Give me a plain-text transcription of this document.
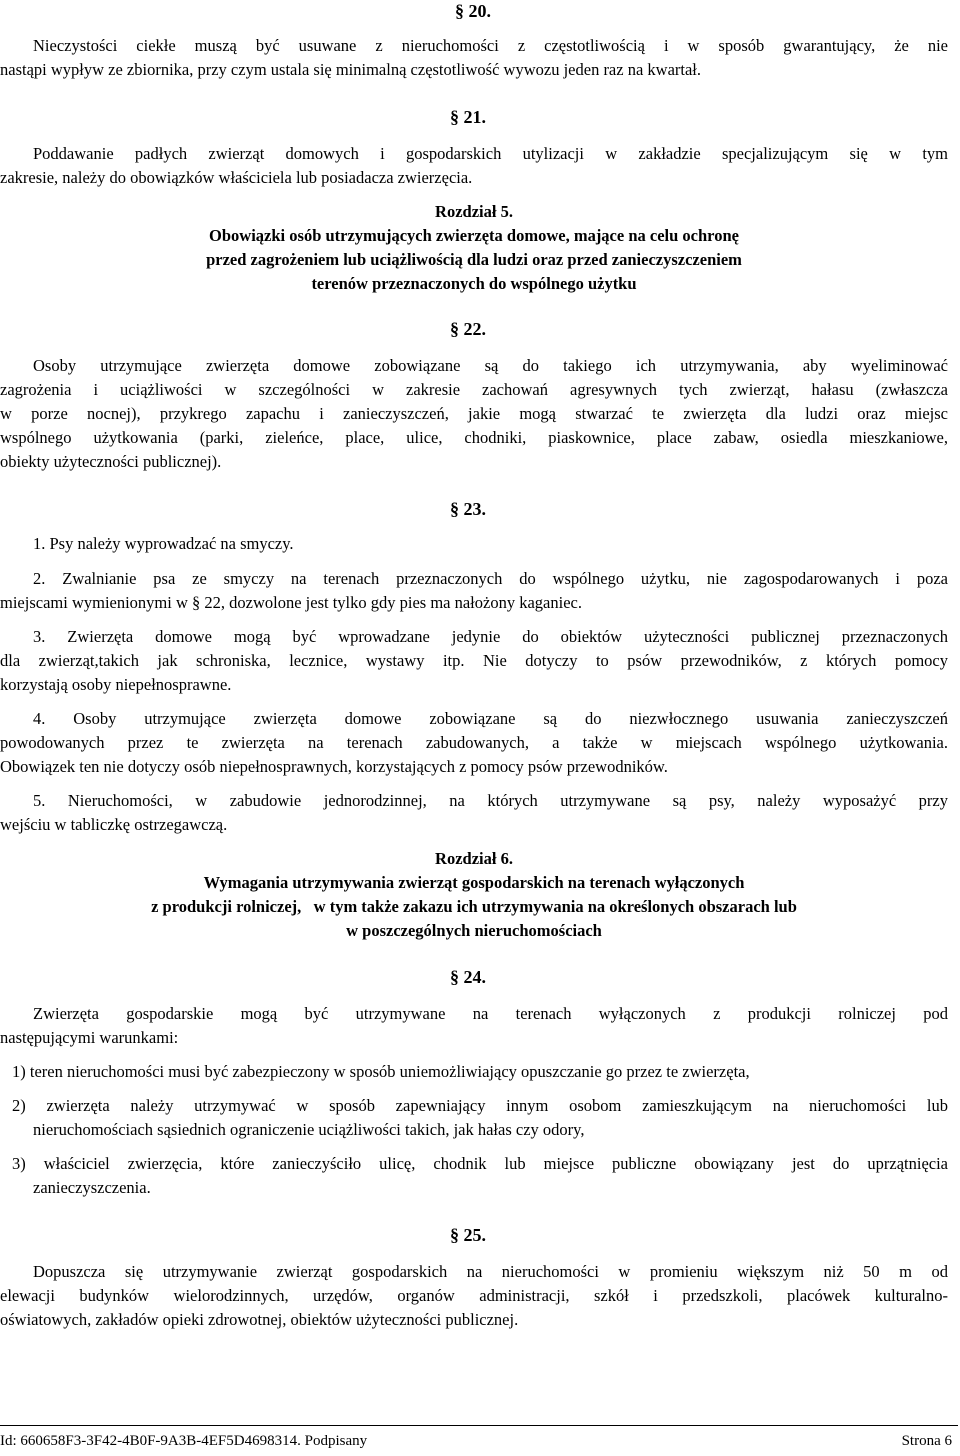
§ 20.
Nieczystości ciekłe muszą być usuwane z nieruchomości z częstotliwością i w sposób gwarantujący, że nie
nastąpi wypływ ze zbiornika, przy czym ustala się minimalną częstotliwość wywozu jeden raz na kwartał.
§ 21.
Poddawanie padłych zwierząt domowych i gospodarskich utylizacji w zakładzie specjalizującym się w tym
zakresie, należy do obowiązków właściciela lub posiadacza zwierzęcia.
Rozdział 5.
Obowiązki osób utrzymujących zwierzęta domowe, mające na celu ochronę
przed zagrożeniem lub uciążliwością dla ludzi oraz przed zanieczyszczeniem
terenów przeznaczonych do wspólnego użytku
§ 22.
Osoby utrzymujące zwierzęta domowe zobowiązane są do takiego ich utrzymywania, aby wyeliminować
zagrożenia i uciążliwości w szczególności w zakresie zachowań agresywnych tych zwierząt, hałasu (zwłaszcza
w porze nocnej), przykrego zapachu i zanieczyszczeń, jakie mogą stwarzać te zwierzęta dla ludzi oraz miejsc
wspólnego użytkowania (parki, zieleńce, place, ulice, chodniki, piaskownice, place zabaw, osiedla mieszkaniowe,
obiekty użyteczności publicznej).
§ 23.
1. Psy należy wyprowadzać na smyczy.
2. Zwalnianie psa ze smyczy na terenach przeznaczonych do wspólnego użytku, nie zagospodarowanych i poza
miejscami wymienionymi w § 22, dozwolone jest tylko gdy pies ma nałożony kaganiec.
3. Zwierzęta domowe mogą być wprowadzane jedynie do obiektów użyteczności publicznej przeznaczonych
dla zwierząt,takich jak schroniska, lecznice, wystawy itp. Nie dotyczy to psów przewodników, z których pomocy
korzystają osoby niepełnosprawne.
4. Osoby utrzymujące zwierzęta domowe zobowiązane są do niezwłocznego usuwania zanieczyszczeń
powodowanych przez te zwierzęta na terenach zabudowanych, a także w miejscach wspólnego użytkowania.
Obowiązek ten nie dotyczy osób niepełnosprawnych, korzystających z pomocy psów przewodników.
5. Nieruchomości, w zabudowie jednorodzinnej, na których utrzymywane są psy, należy wyposażyć przy
wejściu w tabliczkę ostrzegawczą.
Rozdział 6.
Wymagania utrzymywania zwierząt gospodarskich na terenach wyłączonych
z produkcji rolniczej,   w tym także zakazu ich utrzymywania na określonych obszarach lub
w poszczególnych nieruchomościach
§ 24.
Zwierzęta gospodarskie mogą być utrzymywane na terenach wyłączonych z produkcji rolniczej pod
następującymi warunkami:
1) teren nieruchomości musi być zabezpieczony w sposób uniemożliwiający opuszczanie go przez te zwierzęta,
2) zwierzęta należy utrzymywać w sposób zapewniający innym osobom zamieszkującym na nieruchomości lub
nieruchomościach sąsiednich ograniczenie uciążliwości takich, jak hałas czy odory,
3) właściciel zwierzęcia, które zanieczyściło ulicę, chodnik lub miejsce publiczne obowiązany jest do uprzątnięcia
zanieczyszczenia.
§ 25.
Dopuszcza się utrzymywanie zwierząt gospodarskich na nieruchomości w promieniu większym niż 50 m od
elewacji budynków wielorodzinnych, urzędów, organów administracji, szkół i przedszkoli, placówek kulturalno-
oświatowych, zakładów opieki zdrowotnej, obiektów użyteczności publicznej.
Id: 660658F3-3F42-4B0F-9A3B-4EF5D4698314. Podpisany	Strona 6
